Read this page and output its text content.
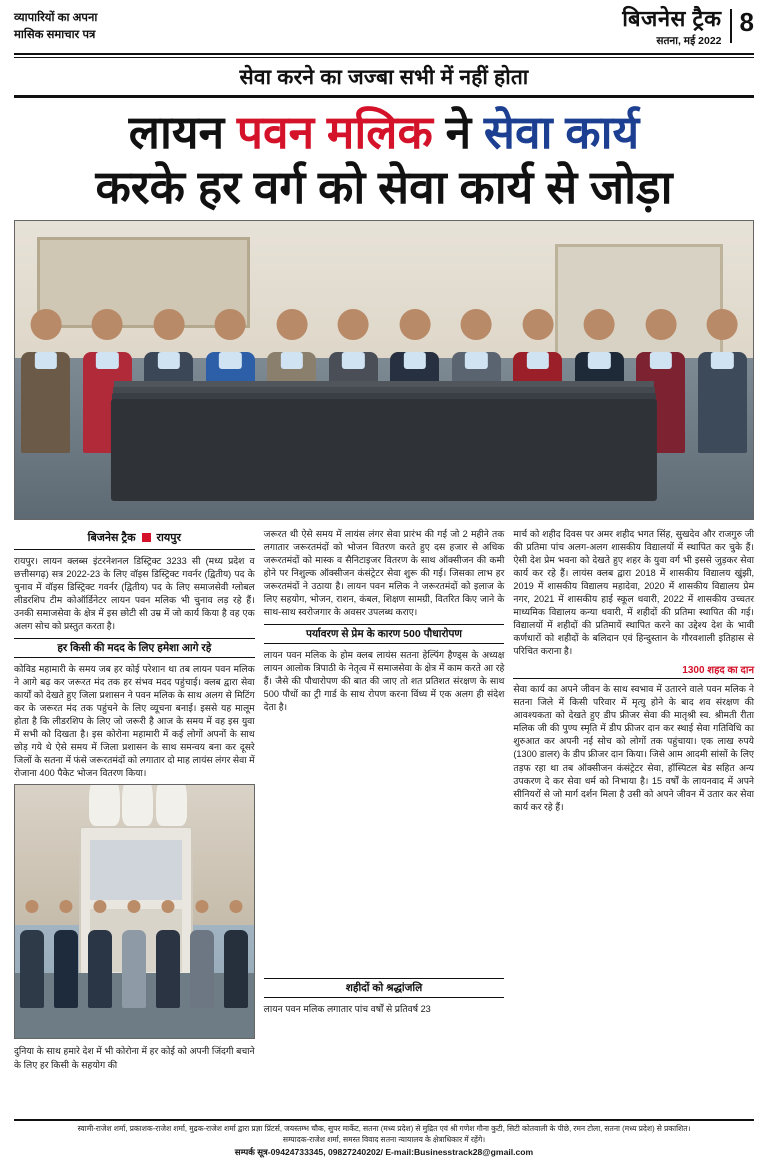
व्यापारियों का अपना
मासिक समाचार पत्र
बिजनेस ट्रैक
सतना, मई 2022
8
सेवा करने का जज्बा सभी में नहीं होता
लायन पवन मलिक ने सेवा कार्य
करके हर वर्ग को सेवा कार्य से जोड़ा
बिजनेस ट्रैक रायपुर

रायपुर। लायन क्लब्स इंटरनेशनल डिस्ट्रिक्ट 3233 सी (मध्य प्रदेश व छत्तीसगढ़) सत्र 2022-23 के लिए वॉइस डिस्ट्रिक्ट गवर्नर (द्वितीय) पद के चुनाव में वॉइस डिस्ट्रिक्ट गवर्नर (द्वितीय) पद के लिए समाजसेवी ग्लोबल लीडरशिप टीम कोऑर्डिनेटर लायन पवन मलिक भी चुनाव लड़ रहे हैं। उनकी समाजसेवा के क्षेत्र में इस छोटी सी उम्र में जो कार्य किया है वह एक अलग सोच को प्रस्तुत करता है।

हर किसी की मदद के लिए हमेशा आगे रहे

कोविड महामारी के समय जब हर कोई परेशान था तब लायन पवन मलिक ने आगे बढ़ कर जरूरत मंद तक हर संभव मदद पहुंचाई। क्लब द्वारा सेवा कार्यों को देखते हुए जिला प्रशासन ने पवन मलिक के साथ अलग से मिटिंग कर के जरूरत मंद तक पहुंचने के लिए व्यूचना बनाई। इससे यह मालूम होता है कि लीडरशिप के लिए जो जरूरी है आज के समय में वह इस युवा में सभी को दिखता है। इस कोरोना महामारी में कई लोगों अपनों के साथ छोड़ गये थे ऐसे समय में जिला प्रशासन के साथ समन्वय बना कर दूसरे जिलों के सतना में फंसे जरूरतमंदों को लगातार दो माह लायंस लंगर सेवा में रोजाना 400 पैकेट भोजन वितरण किया।

दुनिया के साथ हमारे देश में भी कोरोना में हर कोई को अपनी जिंदगी बचाने के लिए हर किसी के सहयोग की

जरूरत थी ऐसे समय में लायंस लंगर सेवा प्रारंभ की गई जो 2 महीने तक लगातार जरूरतमंदों को भोजन वितरण करते हुए दस हजार से अधिक जरूरतमंदों को मास्क व सैनिटाइजर वितरण के साथ ऑक्सीजन की कमी होने पर निशुल्क ऑक्सीजन कंसंट्रेटर सेवा शुरू की गई। जिसका लाभ हर जरूरतमंदों ने उठाया है। लायन पवन मलिक ने जरूरतमंदों को इलाज के लिए सहयोग, भोजन, राशन, कंबल, शिक्षण सामग्री, वितरित किए जाने के साथ-साथ स्वरोजगार के अवसर उपलब्ध कराए।

पर्यावरण से प्रेम के कारण 500 पौधारोपण

लायन पवन मलिक के होम क्लब लायंस सतना हेल्पिंग हैण्ड्स के अध्यक्ष लायन आलोक त्रिपाठी के नेतृत्व में समाजसेवा के क्षेत्र में काम करते आ रहे हैं। जैसे की पौधारोपण की बात की जाए तो शत प्रतिशत संरक्षण के साथ 500 पौधों का ट्री गार्ड के साथ रोपण करना विंध्य में एक अलग ही संदेश देता है।

शहीदों को श्रद्धांजलि

लायन पवन मलिक लगातार पांच वर्षों से प्रतिवर्ष 23

मार्च को शहीद दिवस पर अमर शहीद भगत सिंह, सुखदेव और राजगुरु जी की प्रतिमा पांच अलग-अलग शासकीय विद्यालयों में स्थापित कर चुके हैं। ऐसी देश प्रेम भवना को देखते हुए शहर के युवा वर्ग भी इससे जुड़कर सेवा कार्य कर रहे हैं। लायंस क्लब द्वारा 2018 में शासकीय विद्यालय खुंझी, 2019 में शासकीय विद्यालय महादेवा, 2020 में शासकीय विद्यालय प्रेम नगर, 2021 में शासकीय हाई स्कूल धवारी, 2022 में शासकीय उच्चतर माध्यमिक विद्यालय कन्या धवारी, में शहीदों की प्रतिमा स्थापित की गई। विद्यालयों में शहीदों की प्रतिमायें स्थापित करने का उद्देश्य देश के भावी कर्णधारों को शहीदों के बलिदान एवं हिन्दुस्तान के गौरवशाली इतिहास से परिचित कराना है।

1300 शहद का दान

सेवा कार्य का अपने जीवन के साथ स्वभाव में उतारने वाले पवन मलिक ने सतना जिले में किसी परिवार में मृत्यु होने के बाद शव संरक्षण की आवश्यकता को देखते हुए डीप फ्रीजर सेवा की मातृश्री स्व. श्रीमती रीता मलिक जी की पुण्य स्मृति में डीप फ्रीजर दान कर स्थाई सेवा गतिविधि का शुरुआत कर अपनी नई सोच को लोगों तक पहुंचाया। एक लाख रुपये (1300 डालर) के डीप फ्रीजर दान किया। जिसे आम आदमी सांसों के लिए तड़फ रहा था तब ऑक्सीजन कंसंट्रेटर सेवा, हॉस्पिटल बेड सहित अन्य उपकरण दे कर सेवा धर्म को निभाया है। 15 वर्षों के लायनवाद में अपने सीनियरों से जो मार्ग दर्शन मिला है उसी को अपने जीवन में उतार कर सेवा कार्य कर रहे हैं।

स्वामी-राजेश शर्मा, प्रकाशक-राजेश शर्मा, मुद्रक-राजेश शर्मा द्वारा प्रज्ञा प्रिंटर्स, जयस्तम्भ चौक, सुपर मार्केट, सतना (मध्य प्रदेश) से मुद्रित एवं श्री गणेश गौना कुटी, सिटी कोतवाली के पीछे, रमन टोला, सतना (मध्य प्रदेश) से प्रकाशित।

सम्पादक-राजेश शर्मा, समस्त विवाद सतना न्यायालय के क्षेत्राधिकार में रहेंगे।

सम्पर्क सूत्र-09424733345, 09827240202/ E-mail:Businesstrack28@gmail.com
